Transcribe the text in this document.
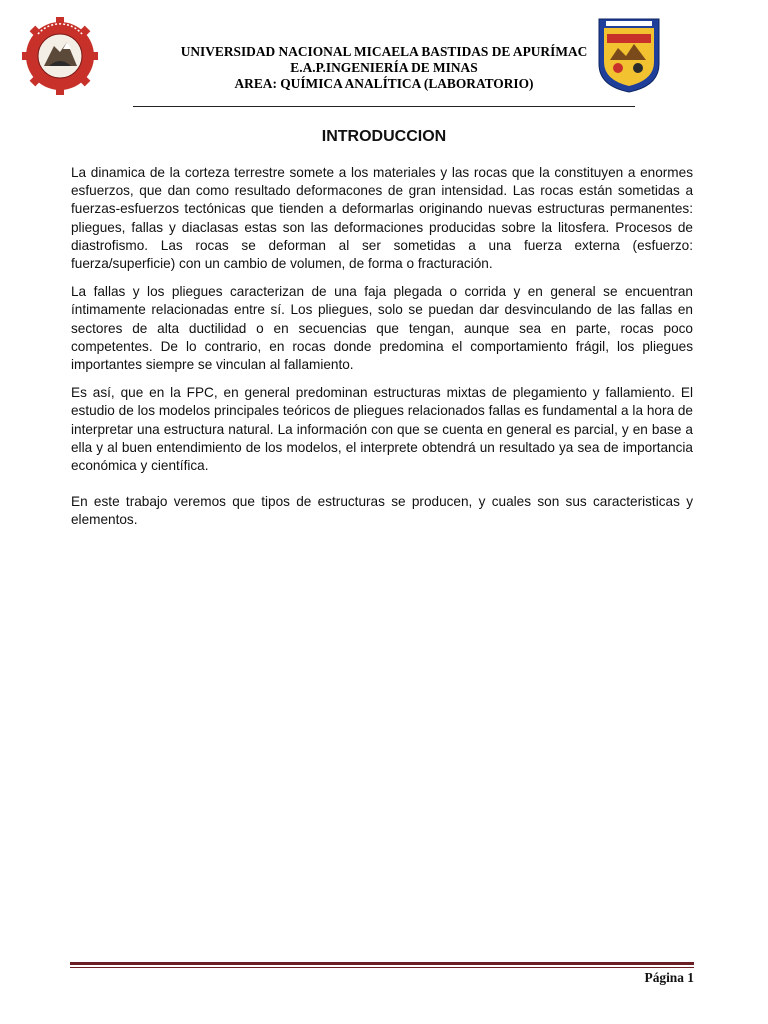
UNIVERSIDAD NACIONAL MICAELA BASTIDAS DE APURÍMAC
E.A.P.INGENIERÍA DE MINAS
AREA: QUÍMICA ANALÍTICA (LABORATORIO)
INTRODUCCION

La dinamica de la corteza terrestre somete a los materiales y las rocas que la constituyen a enormes esfuerzos, que dan como resultado deformacones de gran intensidad. Las rocas están sometidas a fuerzas-esfuerzos tectónicas que tienden a deformarlas originando nuevas estructuras permanentes: pliegues, fallas y diaclasas estas son las deformaciones producidas sobre la litosfera. Procesos de diastrofismo. Las rocas se deforman al ser sometidas a una fuerza externa (esfuerzo: fuerza/superficie) con un cambio de volumen, de forma o fracturación.

La fallas y los pliegues caracterizan de una faja plegada o corrida y en general se encuentran íntimamente relacionadas entre sí. Los pliegues, solo se puedan dar desvinculando de las fallas en sectores de alta ductilidad o en secuencias que tengan, aunque sea en parte, rocas poco competentes. De lo contrario, en rocas donde predomina el comportamiento frágil, los pliegues importantes siempre se vinculan al fallamiento.

Es así, que en la FPC, en general predominan estructuras mixtas de plegamiento y fallamiento. El estudio de los modelos principales teóricos de pliegues relacionados fallas es fundamental a la hora de interpretar una estructura natural. La información con que se cuenta en general es parcial, y en base a ella y al buen entendimiento de los modelos, el interprete obtendrá un resultado ya sea de importancia económica y científica.

En este trabajo veremos que tipos de estructuras se producen, y cuales son sus caracteristicas y elementos.

Página 1
